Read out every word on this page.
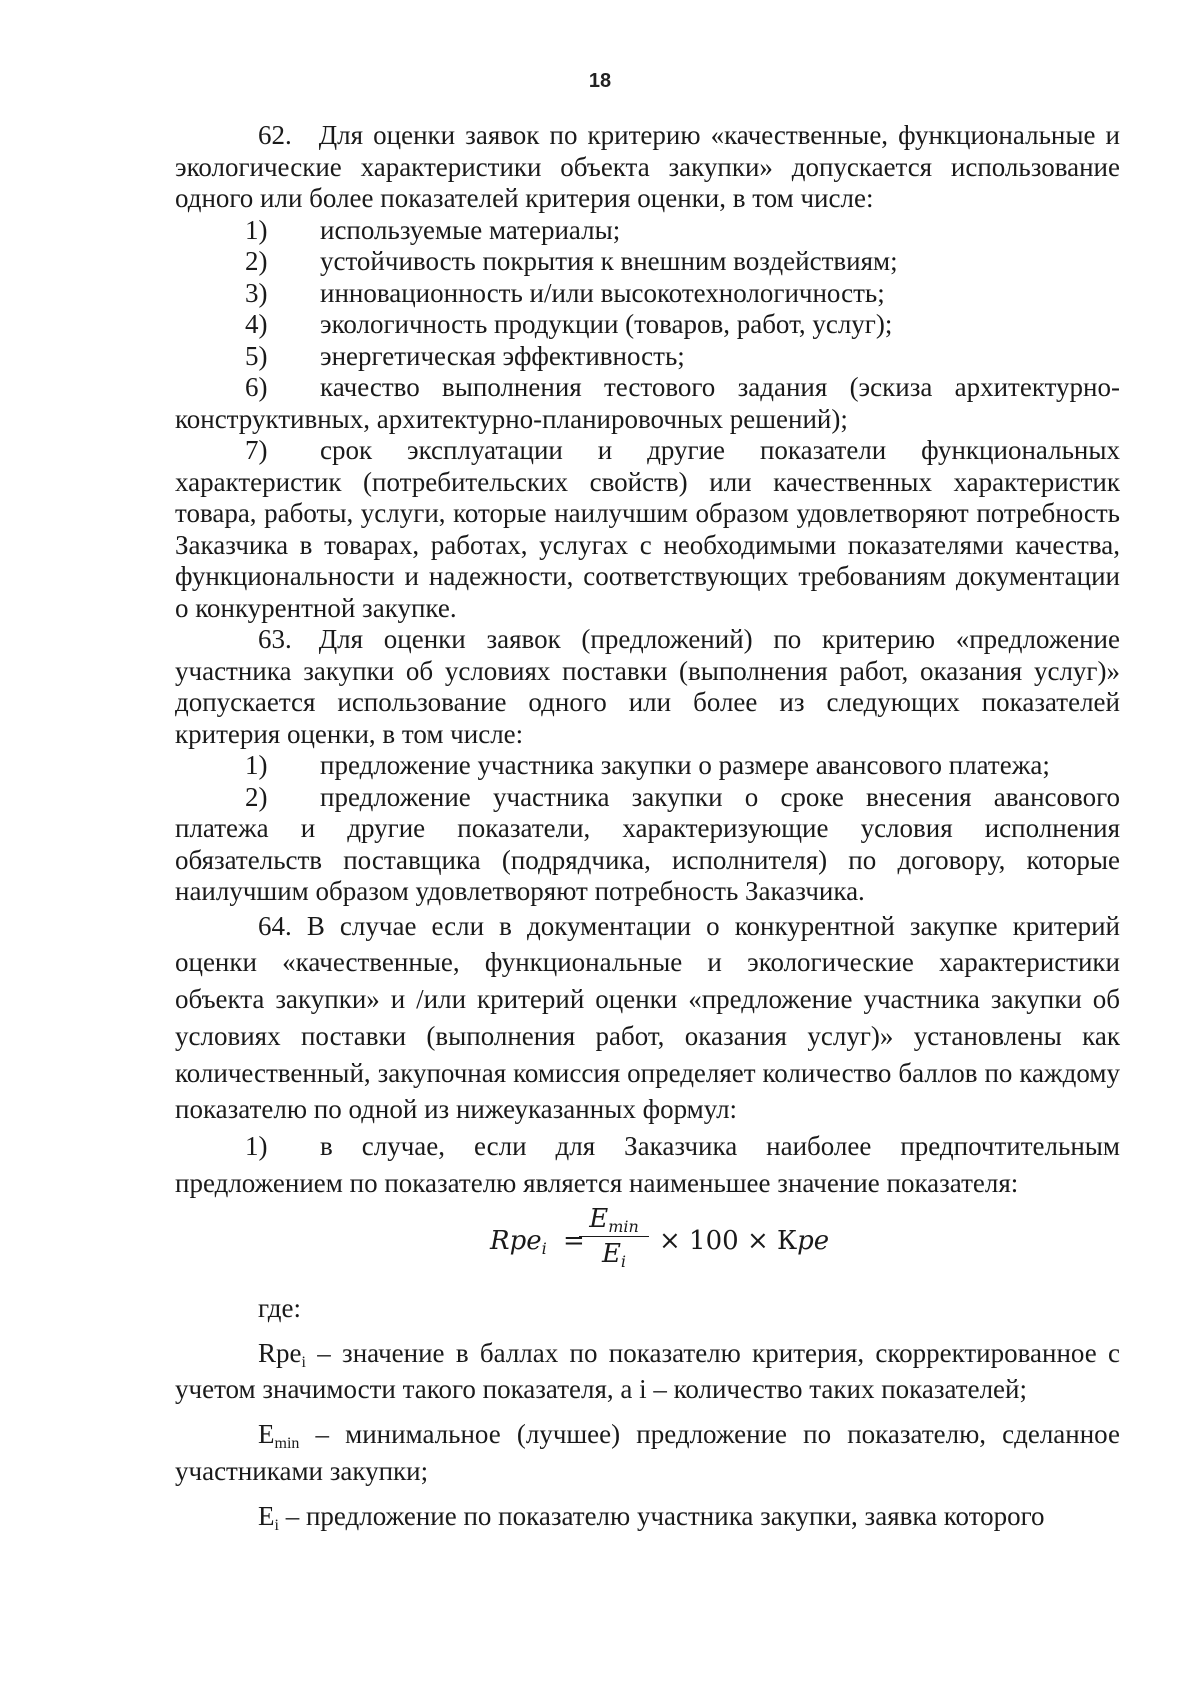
18

62. Для оценки заявок по критерию «качественные, функциональные и экологические характеристики объекта закупки» допускается использование одного или более показателей критерия оценки, в том числе:

1) используемые материалы;

2) устойчивость покрытия к внешним воздействиям;

3) инновационность и/или высокотехнологичность;

4) экологичность продукции (товаров, работ, услуг);

5) энергетическая эффективность;

6) качество выполнения тестового задания (эскиза архитектурно-конструктивных, архитектурно-планировочных решений);

7) срок эксплуатации и другие показатели функциональных характеристик (потребительских свойств) или качественных характеристик товара, работы, услуги, которые наилучшим образом удовлетворяют потребность Заказчика в товарах, работах, услугах с необходимыми показателями качества, функциональности и надежности, соответствующих требованиям документации о конкурентной закупке.

63. Для оценки заявок (предложений) по критерию «предложение участника закупки об условиях поставки (выполнения работ, оказания услуг)» допускается использование одного или более из следующих показателей критерия оценки, в том числе:

1) предложение участника закупки о размере авансового платежа;

2) предложение участника закупки о сроке внесения авансового платежа и другие показатели, характеризующие условия исполнения обязательств поставщика (подрядчика, исполнителя) по договору, которые наилучшим образом удовлетворяют потребность Заказчика.

64. В случае если в документации о конкурентной закупке критерий оценки «качественные, функциональные и экологические характеристики объекта закупки» и /или критерий оценки «предложение участника закупки об условиях поставки (выполнения работ, оказания услуг)» установлены как количественный, закупочная комиссия определяет количество баллов по каждому показателю по одной из нижеуказанных формул:

1) в случае, если для Заказчика наиболее предпочтительным предложением по показателю является наименьшее значение показателя:

Rpe$_i$ =
$E_{min}$
$E_i$
× 100 × Кpe

где:

Rpe$_i$ – значение в баллах по показателю критерия, скорректированное с учетом значимости такого показателя, а i – количество таких показателей;

$E_{min}$ – минимальное (лучшее) предложение по показателю, сделанное участниками закупки;

$E_i$ – предложение по показателю участника закупки, заявка которого
